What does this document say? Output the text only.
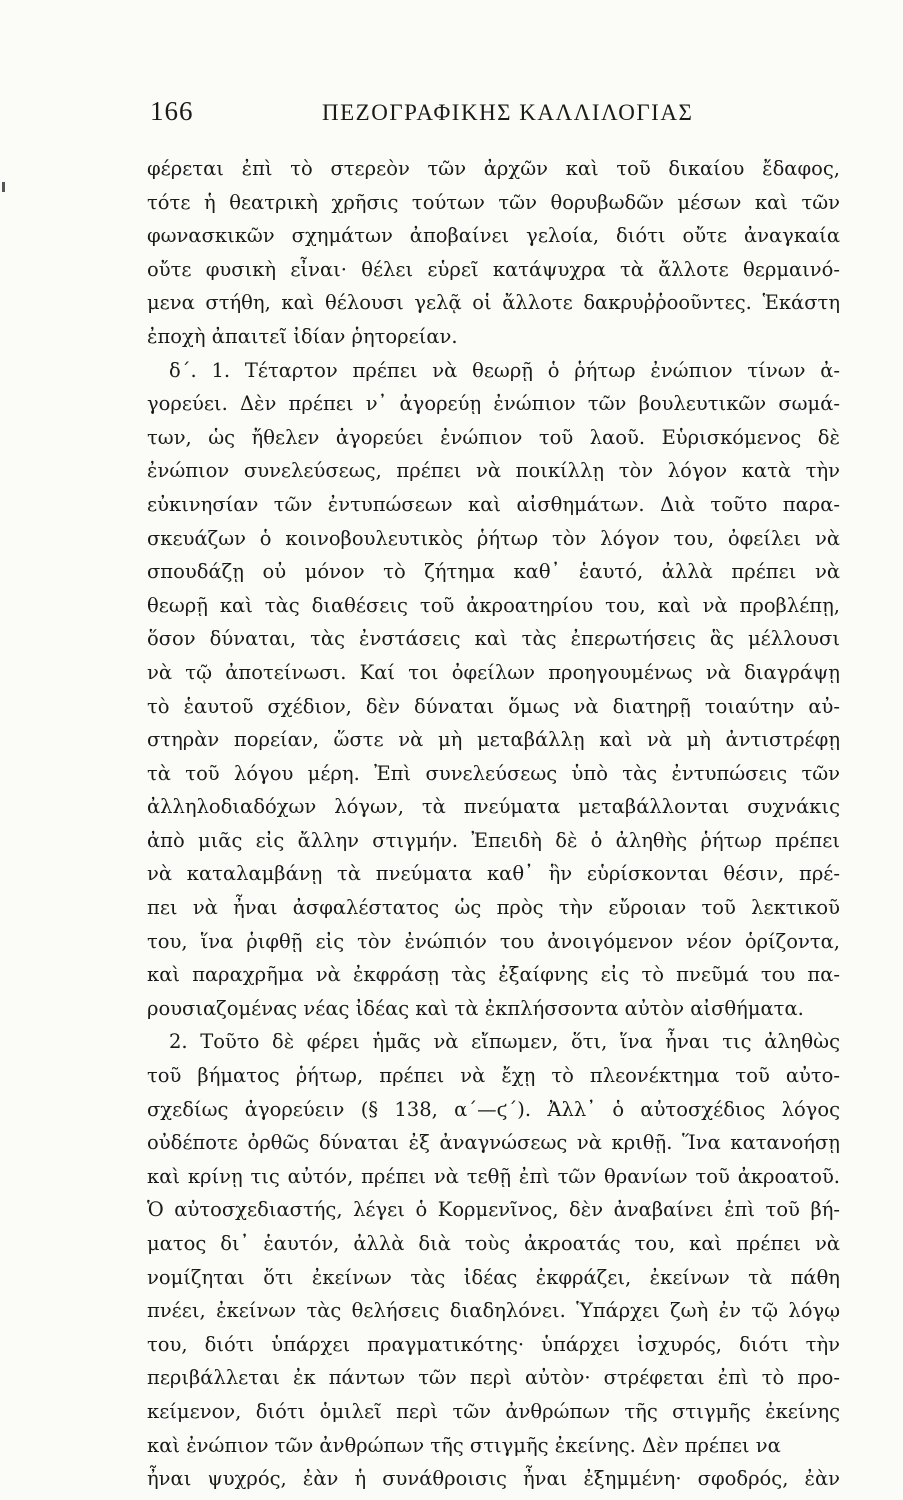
166	ΠΕΖΟΓΡΑΦΙΚΗΣ ΚΑΛΛΙΛΟΓΙΑΣ
φέρεται ἐπὶ τὸ στερεὸν τῶν ἀρχῶν καὶ τοῦ δικαίου ἔδαφος,
τότε ἡ θεατρικὴ χρῆσις τούτων τῶν θορυβωδῶν μέσων καὶ τῶν
φωνασκικῶν σχημάτων ἀποβαίνει γελοία, διότι οὔτε ἀναγκαία
οὔτε φυσικὴ εἶναι· θέλει εὑρεῖ κατάψυχρα τὰ ἄλλοτε θερμαινό-
μενα στήθη, καὶ θέλουσι γελᾷ οἱ ἄλλοτε δακρυῤῥοοῦντες. Ἑκάστη
ἐποχὴ ἀπαιτεῖ ἰδίαν ῥητορείαν.
δ΄. 1. Τέταρτον πρέπει νὰ θεωρῇ ὁ ῥήτωρ ἐνώπιον τίνων ἀ-
γορεύει. Δὲν πρέπει ν᾽ ἀγορεύῃ ἐνώπιον τῶν βουλευτικῶν σωμά-
των, ὡς ἤθελεν ἀγορεύει ἐνώπιον τοῦ λαοῦ. Εὑρισκόμενος δὲ
ἐνώπιον συνελεύσεως, πρέπει νὰ ποικίλλῃ τὸν λόγον κατὰ τὴν
εὐκινησίαν τῶν ἐντυπώσεων καὶ αἰσθημάτων. Διὰ τοῦτο παρα-
σκευάζων ὁ κοινοβουλευτικὸς ῥήτωρ τὸν λόγον του, ὀφείλει νὰ
σπουδάζῃ οὐ μόνον τὸ ζήτημα καθ᾽ ἑαυτό, ἀλλὰ πρέπει νὰ
θεωρῇ καὶ τὰς διαθέσεις τοῦ ἀκροατηρίου του, καὶ νὰ προβλέπῃ,
ὅσον δύναται, τὰς ἐνστάσεις καὶ τὰς ἐπερωτήσεις ἃς μέλλουσι
νὰ τῷ ἀποτείνωσι. Καί τοι ὀφείλων προηγουμένως νὰ διαγράψῃ
τὸ ἑαυτοῦ σχέδιον, δὲν δύναται ὅμως νὰ διατηρῇ τοιαύτην αὐ-
στηρὰν πορείαν, ὥστε νὰ μὴ μεταβάλλῃ καὶ νὰ μὴ ἀντιστρέφῃ
τὰ τοῦ λόγου μέρη. Ἐπὶ συνελεύσεως ὑπὸ τὰς ἐντυπώσεις τῶν
ἀλληλοδιαδόχων λόγων, τὰ πνεύματα μεταβάλλονται συχνάκις
ἀπὸ μιᾶς εἰς ἄλλην στιγμήν. Ἐπειδὴ δὲ ὁ ἀληθὴς ῥήτωρ πρέπει
νὰ καταλαμβάνῃ τὰ πνεύματα καθ᾽ ἣν εὑρίσκονται θέσιν, πρέ-
πει νὰ ἦναι ἀσφαλέστατος ὡς πρὸς τὴν εὔροιαν τοῦ λεκτικοῦ
του, ἵνα ῥιφθῇ εἰς τὸν ἐνώπιόν του ἀνοιγόμενον νέον ὁρίζοντα,
καὶ παραχρῆμα νὰ ἐκφράσῃ τὰς ἐξαίφνης εἰς τὸ πνεῦμά του πα-
ρουσιαζομένας νέας ἰδέας καὶ τὰ ἐκπλήσσοντα αὐτὸν αἰσθήματα.
2. Τοῦτο δὲ φέρει ἡμᾶς νὰ εἴπωμεν, ὅτι, ἵνα ἦναι τις ἀληθὼς
τοῦ βήματος ῥήτωρ, πρέπει νὰ ἔχῃ τὸ πλεονέκτημα τοῦ αὐτο-
σχεδίως ἀγορεύειν (§ 138, α΄—ϛ΄). Ἀλλ᾽ ὁ αὐτοσχέδιος λόγος
οὐδέποτε ὀρθῶς δύναται ἐξ ἀναγνώσεως νὰ κριθῇ. Ἵνα κατανοήσῃ
καὶ κρίνῃ τις αὐτόν, πρέπει νὰ τεθῇ ἐπὶ τῶν θρανίων τοῦ ἀκροατοῦ.
Ὁ αὐτοσχεδιαστής, λέγει ὁ Κορμενῖνος, δὲν ἀναβαίνει ἐπὶ τοῦ βή-
ματος δι᾽ ἑαυτόν, ἀλλὰ διὰ τοὺς ἀκροατάς του, καὶ πρέπει νὰ
νομίζηται ὅτι ἐκείνων τὰς ἰδέας ἐκφράζει, ἐκείνων τὰ πάθη
πνέει, ἐκείνων τὰς θελήσεις διαδηλόνει. Ὑπάρχει ζωὴ ἐν τῷ λόγῳ
του, διότι ὑπάρχει πραγματικότης· ὑπάρχει ἰσχυρός, διότι τὴν
περιβάλλεται ἐκ πάντων τῶν περὶ αὐτὸν· στρέφεται ἐπὶ τὸ προ-
κείμενον, διότι ὁμιλεῖ περὶ τῶν ἀνθρώπων τῆς στιγμῆς ἐκείνης
καὶ ἐνώπιον τῶν ἀνθρώπων τῆς στιγμῆς ἐκείνης. Δὲν πρέπει να
ἦναι ψυχρός, ἐὰν ἡ συνάθροισις ἦναι ἐξημμένη· σφοδρός, ἐὰν
